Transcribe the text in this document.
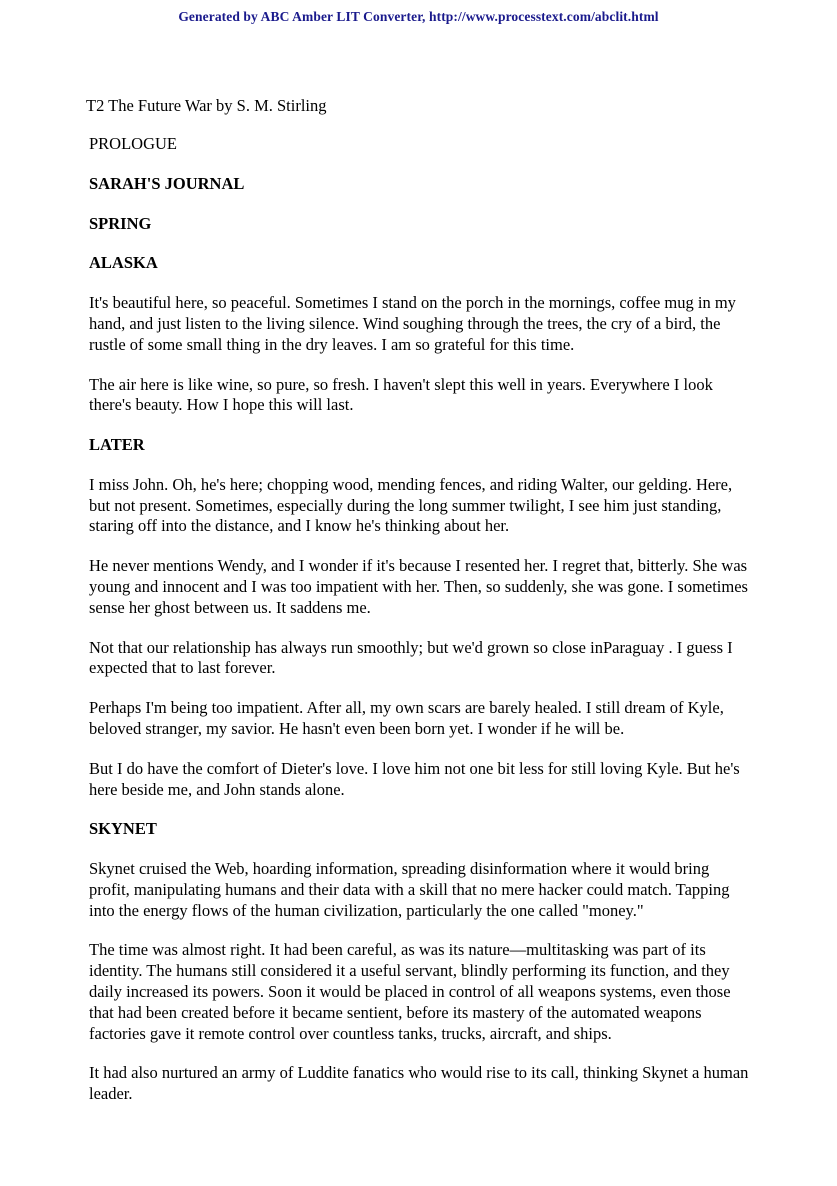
Generated by ABC Amber LIT Converter, http://www.processtext.com/abclit.html
T2 The Future War by S. M. Stirling
PROLOGUE
SARAH'S JOURNAL
SPRING
ALASKA

It's beautiful here, so peaceful. Sometimes I stand on the porch in the mornings, coffee mug in my hand, and just listen to the living silence. Wind soughing through the trees, the cry of a bird, the rustle of some small thing in the dry leaves. I am so grateful for this time.

The air here is like wine, so pure, so fresh. I haven't slept this well in years. Everywhere I look there's beauty. How I hope this will last.

LATER

I miss John. Oh, he's here; chopping wood, mending fences, and riding Walter, our gelding. Here, but not present. Sometimes, especially during the long summer twilight, I see him just standing, staring off into the distance, and I know he's thinking about her.

He never mentions Wendy, and I wonder if it's because I resented her. I regret that, bitterly. She was young and innocent and I was too impatient with her. Then, so suddenly, she was gone. I sometimes sense her ghost between us. It saddens me.

Not that our relationship has always run smoothly; but we'd grown so close inParaguay . I guess I expected that to last forever.

Perhaps I'm being too impatient. After all, my own scars are barely healed. I still dream of Kyle, beloved stranger, my savior. He hasn't even been born yet. I wonder if he will be.

But I do have the comfort of Dieter's love. I love him not one bit less for still loving Kyle. But he's here beside me, and John stands alone.

SKYNET

Skynet cruised the Web, hoarding information, spreading disinformation where it would bring profit, manipulating humans and their data with a skill that no mere hacker could match. Tapping into the energy flows of the human civilization, particularly the one called "money."

The time was almost right. It had been careful, as was its nature—multitasking was part of its identity. The humans still considered it a useful servant, blindly performing its function, and they daily increased its powers. Soon it would be placed in control of all weapons systems, even those that had been created before it became sentient, before its mastery of the automated weapons factories gave it remote control over countless tanks, trucks, aircraft, and ships.

It had also nurtured an army of Luddite fanatics who would rise to its call, thinking Skynet a human leader.
